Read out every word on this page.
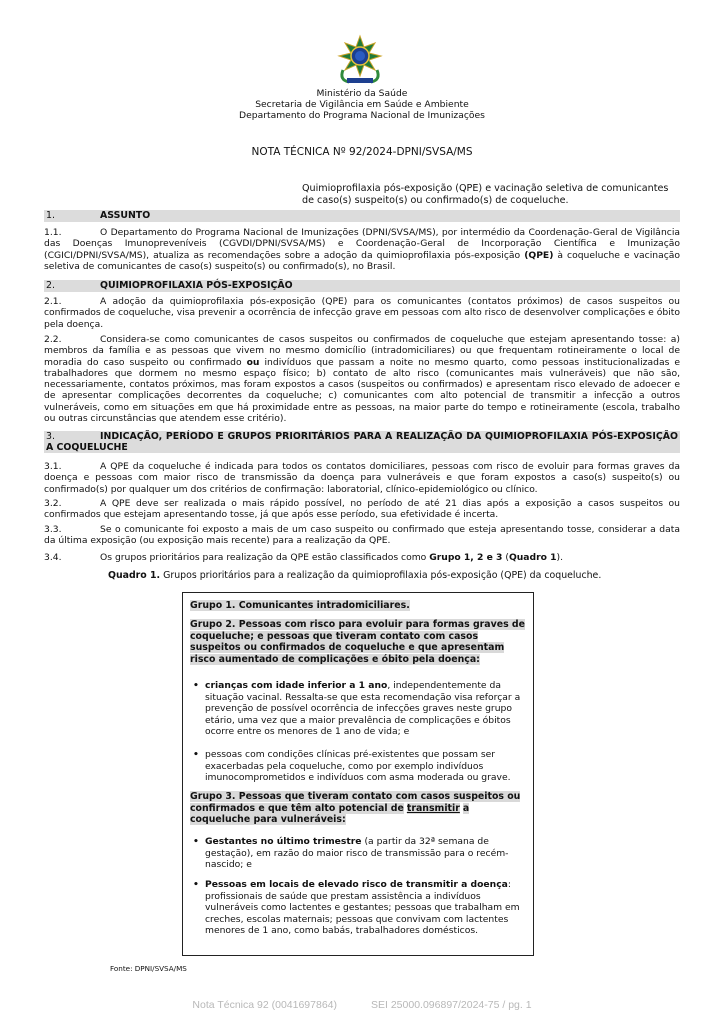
Ministério da Saúde
Secretaria de Vigilância em Saúde e Ambiente
Departamento do Programa Nacional de Imunizações
NOTA TÉCNICA Nº 92/2024-DPNI/SVSA/MS
Quimioprofilaxia pós-exposição (QPE) e vacinação seletiva de comunicantes de caso(s) suspeito(s) ou confirmado(s) de coqueluche.
1.	ASSUNTO
1.1.	O Departamento do Programa Nacional de Imunizações (DPNI/SVSA/MS), por intermédio da Coordenação-Geral de Vigilância das Doenças Imunopreveníveis (CGVDI/DPNI/SVSA/MS) e Coordenação-Geral de Incorporação Científica e Imunização (CGICI/DPNI/SVSA/MS), atualiza as recomendações sobre a adoção da quimioprofilaxia pós-exposição (QPE) à coqueluche e vacinação seletiva de comunicantes de caso(s) suspeito(s) ou confirmado(s), no Brasil.
2.	QUIMIOPROFILAXIA PÓS-EXPOSIÇÃO
2.1.	A adoção da quimioprofilaxia pós-exposição (QPE) para os comunicantes (contatos próximos) de casos suspeitos ou confirmados de coqueluche, visa prevenir a ocorrência de infecção grave em pessoas com alto risco de desenvolver complicações e óbito pela doença.
2.2.	Considera-se como comunicantes de casos suspeitos ou confirmados de coqueluche que estejam apresentando tosse: a) membros da família e as pessoas que vivem no mesmo domicílio (intradomiciliares) ou que frequentam rotineiramente o local de moradia do caso suspeito ou confirmado ou indivíduos que passam a noite no mesmo quarto, como pessoas institucionalizadas e trabalhadores que dormem no mesmo espaço físico; b) contato de alto risco (comunicantes mais vulneráveis) que não são, necessariamente, contatos próximos, mas foram expostos a casos (suspeitos ou confirmados) e apresentam risco elevado de adoecer e de apresentar complicações decorrentes da coqueluche; c) comunicantes com alto potencial de transmitir a infecção a outros vulneráveis, como em situações em que há proximidade entre as pessoas, na maior parte do tempo e rotineiramente (escola, trabalho ou outras circunstâncias que atendem esse critério).
3.	INDICAÇÃO, PERÍODO E GRUPOS PRIORITÁRIOS PARA A REALIZAÇÃO DA QUIMIOPROFILAXIA PÓS-EXPOSIÇÃO A COQUELUCHE
3.1.	A QPE da coqueluche é indicada para todos os contatos domiciliares, pessoas com risco de evoluir para formas graves da doença e pessoas com maior risco de transmissão da doença para vulneráveis e que foram expostos a caso(s) suspeito(s) ou confirmado(s) por qualquer um dos critérios de confirmação: laboratorial, clínico-epidemiológico ou clínico.
3.2.	A QPE deve ser realizada o mais rápido possível, no período de até 21 dias após a exposição a casos suspeitos ou confirmados que estejam apresentando tosse, já que após esse período, sua efetividade é incerta.
3.3.	Se o comunicante foi exposto a mais de um caso suspeito ou confirmado que esteja apresentando tosse, considerar a data da última exposição (ou exposição mais recente) para a realização da QPE.
3.4.	Os grupos prioritários para realização da QPE estão classificados como Grupo 1, 2 e 3 (Quadro 1).
Quadro 1. Grupos prioritários para a realização da quimioprofilaxia pós-exposição (QPE) da coqueluche.
Grupo 1. Comunicantes intradomiciliares.
Grupo 2. Pessoas com risco para evoluir para formas graves de coqueluche; e pessoas que tiveram contato com casos suspeitos ou confirmados de coqueluche e que apresentam risco aumentado de complicações e óbito pela doença:
• crianças com idade inferior a 1 ano, independentemente da situação vacinal. Ressalta-se que esta recomendação visa reforçar a prevenção de possível ocorrência de infecções graves neste grupo etário, uma vez que a maior prevalência de complicações e óbitos ocorre entre os menores de 1 ano de vida; e
• pessoas com condições clínicas pré-existentes que possam ser exacerbadas pela coqueluche, como por exemplo indivíduos imunocomprometidos e indivíduos com asma moderada ou grave.
Grupo 3. Pessoas que tiveram contato com casos suspeitos ou confirmados e que têm alto potencial de transmitir a coqueluche para vulneráveis:
• Gestantes no último trimestre (a partir da 32ª semana de gestação), em razão do maior risco de transmissão para o recém-nascido; e
• Pessoas em locais de elevado risco de transmitir a doença: profissionais de saúde que prestam assistência a indivíduos vulneráveis como lactentes e gestantes; pessoas que trabalham em creches, escolas maternais; pessoas que convivam com lactentes menores de 1 ano, como babás, trabalhadores domésticos.
Fonte: DPNI/SVSA/MS
Nota Técnica 92 (0041697864)	SEI 25000.096897/2024-75 / pg. 1
